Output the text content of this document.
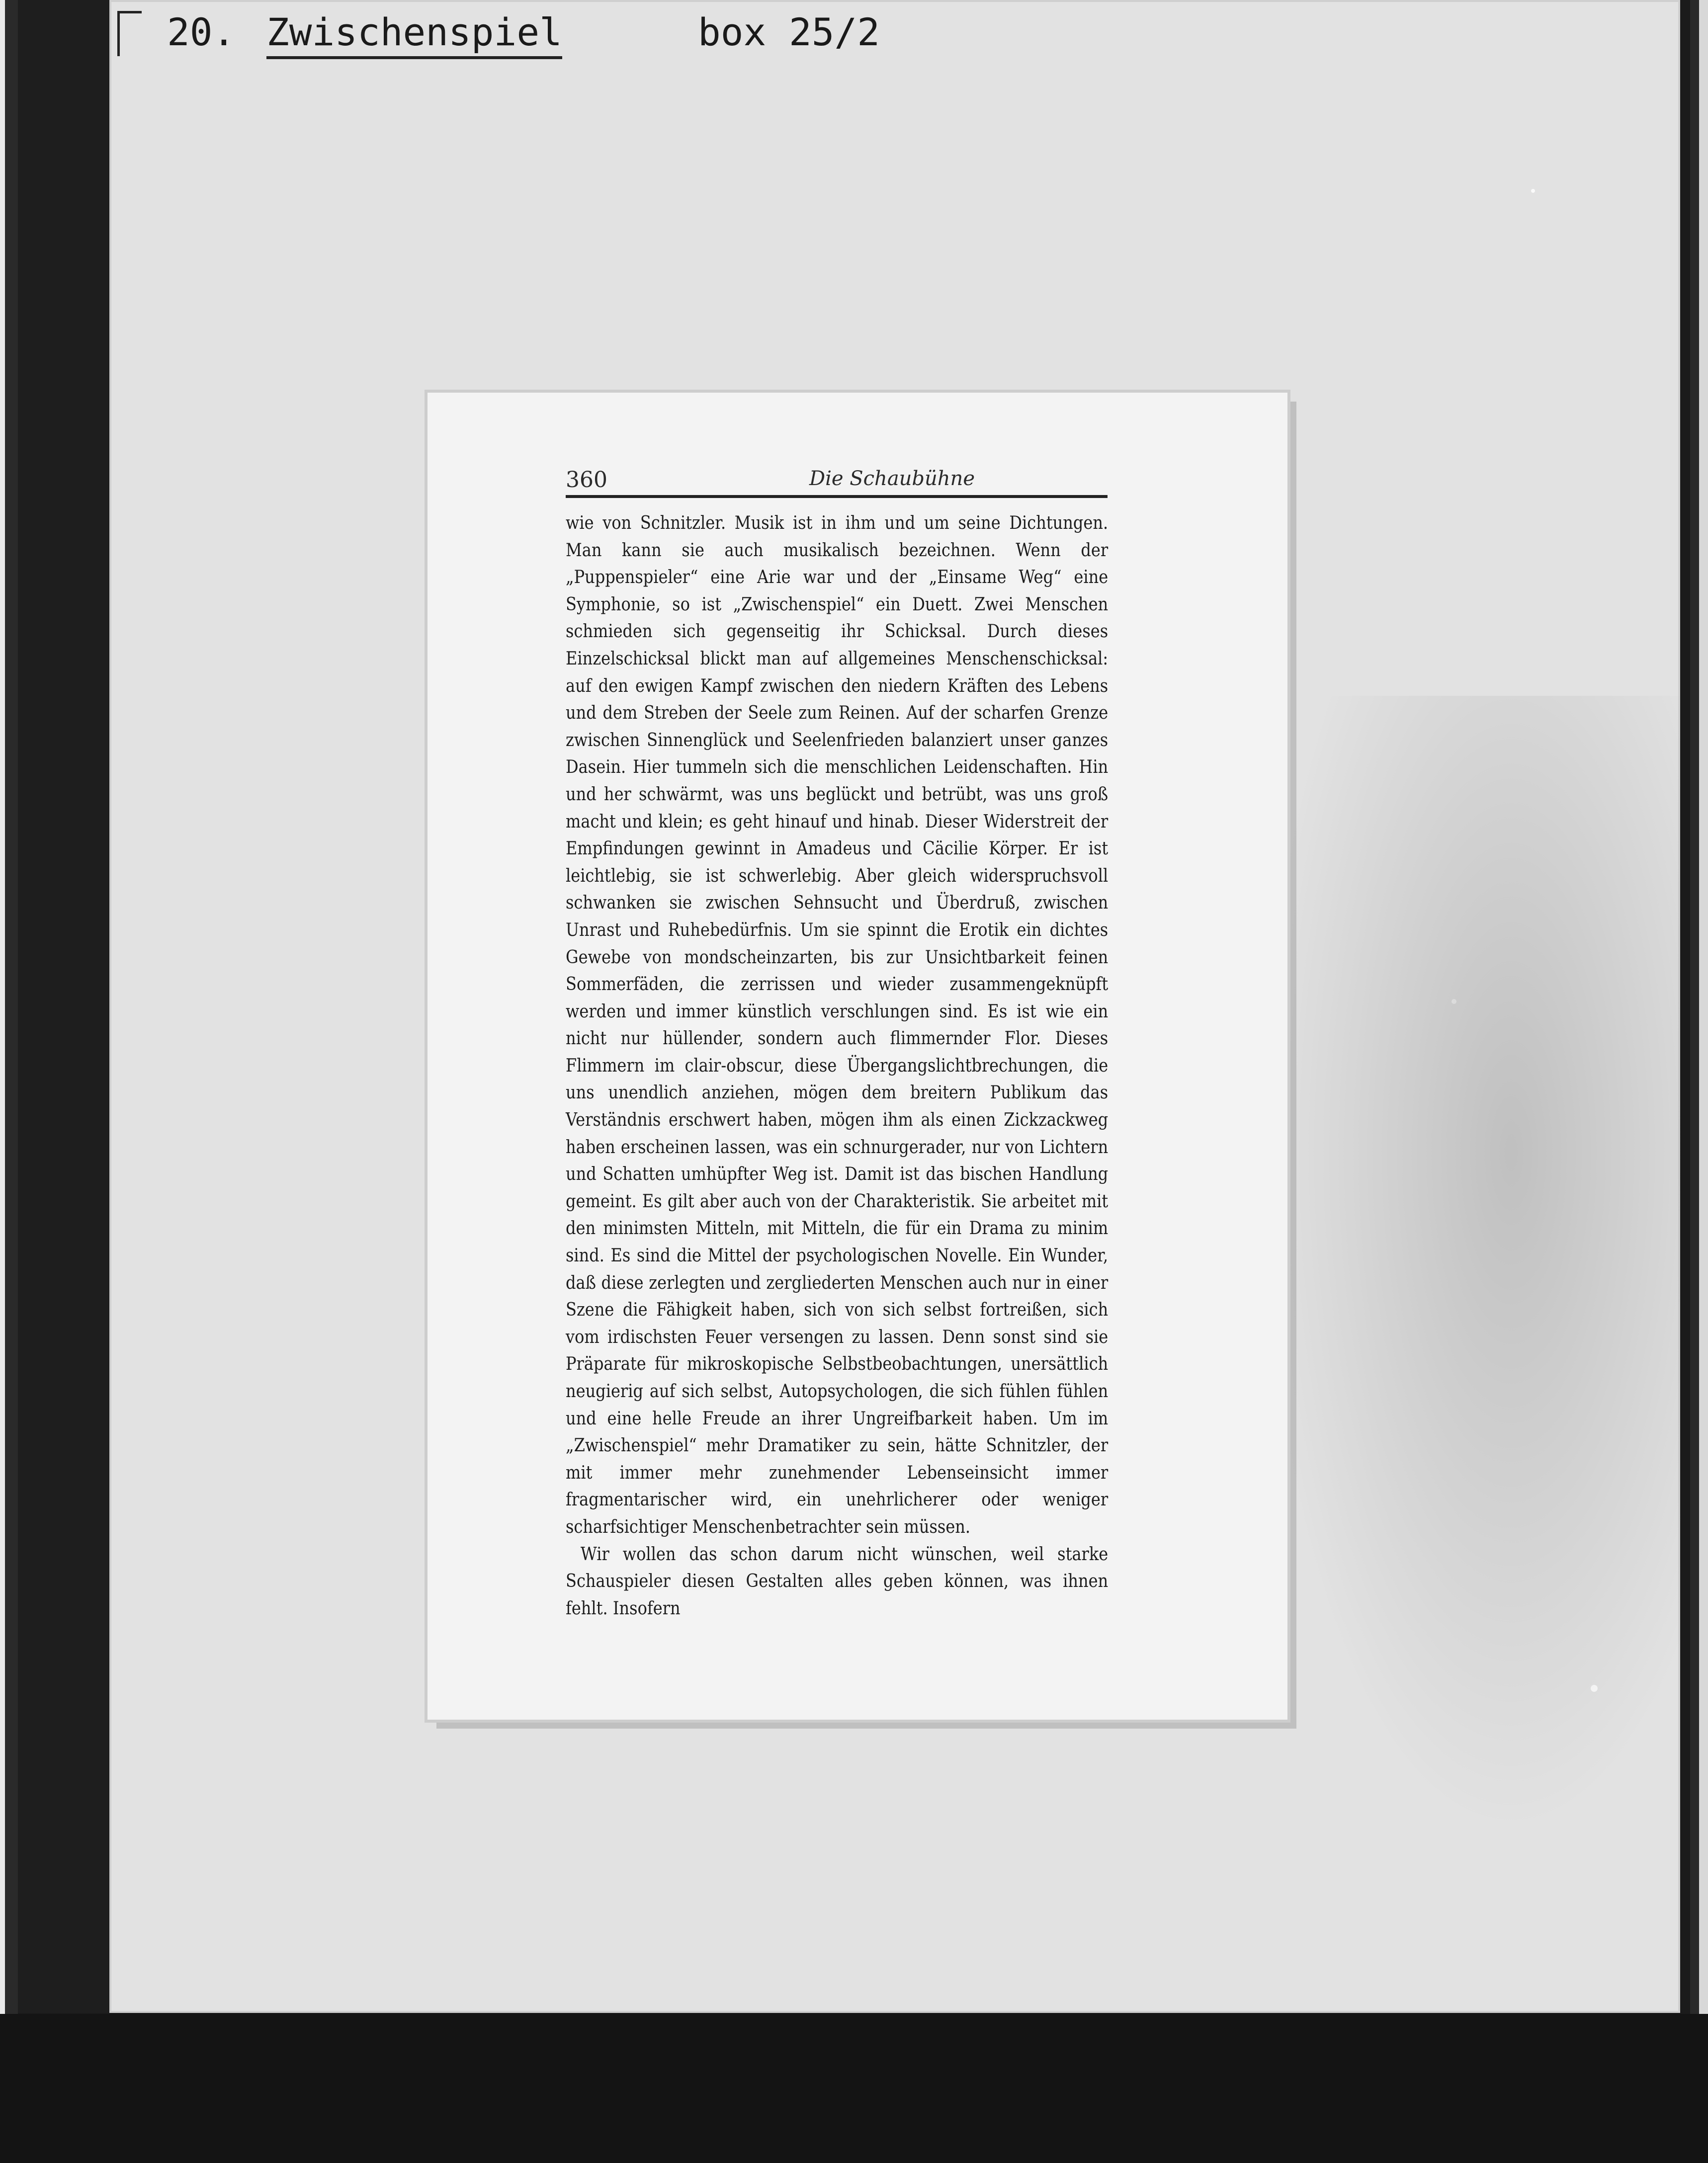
20. Zwischenspiel	box 25/2
360	Die Schaubühne

wie von Schnitzler. Musik ist in ihm und um seine Dichtungen. Man kann sie auch musikalisch bezeichnen. Wenn der „Puppenspieler“ eine Arie war und der „Einsame Weg“ eine Symphonie, so ist „Zwischenspiel“ ein Duett. Zwei Menschen schmieden sich gegenseitig ihr Schicksal. Durch dieses Einzelschicksal blickt man auf allgemeines Menschenschicksal: auf den ewigen Kampf zwischen den niedern Kräften des Lebens und dem Streben der Seele zum Reinen. Auf der scharfen Grenze zwischen Sinnenglück und Seelenfrieden balanziert unser ganzes Dasein. Hier tummeln sich die menschlichen Leidenschaften. Hin und her schwärmt, was uns beglückt und betrübt, was uns groß macht und klein; es geht hinauf und hinab. Dieser Widerstreit der Empfindungen gewinnt in Amadeus und Cäcilie Körper. Er ist leichtlebig, sie ist schwerlebig. Aber gleich widerspruchsvoll schwanken sie zwischen Sehnsucht und Überdruß, zwischen Unrast und Ruhebedürfnis. Um sie spinnt die Erotik ein dichtes Gewebe von mondscheinzarten, bis zur Unsichtbarkeit feinen Sommerfäden, die zerrissen und wieder zusammengeknüpft werden und immer künstlich verschlungen sind. Es ist wie ein nicht nur hüllender, sondern auch flimmernder Flor. Dieses Flimmern im clair-obscur, diese Übergangslichtbrechungen, die uns unendlich anziehen, mögen dem breitern Publikum das Verständnis erschwert haben, mögen ihm als einen Zickzackweg haben erscheinen lassen, was ein schnurgerader, nur von Lichtern und Schatten umhüpfter Weg ist. Damit ist das bischen Handlung gemeint. Es gilt aber auch von der Charakteristik. Sie arbeitet mit den minimsten Mitteln, mit Mitteln, die für ein Drama zu minim sind. Es sind die Mittel der psychologischen Novelle. Ein Wunder, daß diese zerlegten und zergliederten Menschen auch nur in einer Szene die Fähigkeit haben, sich von sich selbst fortreißen, sich vom irdischsten Feuer versengen zu lassen. Denn sonst sind sie Präparate für mikroskopische Selbstbeobachtungen, unersättlich neugierig auf sich selbst, Autopsychologen, die sich fühlen fühlen und eine helle Freude an ihrer Ungreifbarkeit haben. Um im „Zwischenspiel“ mehr Dramatiker zu sein, hätte Schnitzler, der mit immer mehr zunehmender Lebenseinsicht immer fragmentarischer wird, ein unehrlicherer oder weniger scharfsichtiger Menschenbetrachter sein müssen.

Wir wollen das schon darum nicht wünschen, weil starke Schauspieler diesen Gestalten alles geben können, was ihnen fehlt. Insofern
